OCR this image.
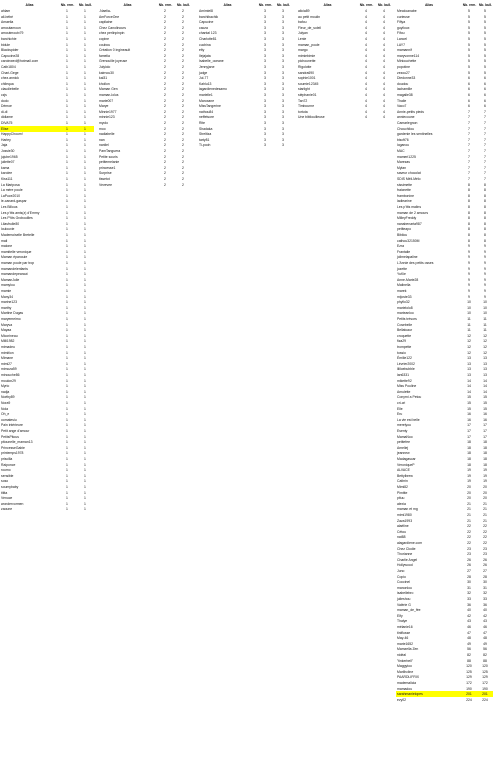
Alias	Nb. rem.	Nb. bull.
ahlam	1	1
ali-bébé	1	1
Amaelia	1	1
amoutamoun	1	1
amoutmoutx79	1	1
barchichie	1	1
bidule	1	1
Blackspider	1	1
Capucine28	1	1
caroinwed@hotmail.com	1	1
Cath1804	1	1
Chari-Gege	1	1
chez.annick	1	1
chilequa	1	1
claudiebelle	1	1
czjs	1	1
dodo	1	1
Démoe	1	1
di-di	1	1
didiame	1	1
DIVA75	1	1
Elise	1	1
HappyChoum!	1	1
Harley	1	1
Jaja	1	1
Jossie30	1	1
jujube1965	1	1
juliette07	1	1
kama	1	1
karolee	1	1
Kiss111	1	1
La Mariposa	1	1
La mère poule	1	1
LaPuce2010	1	1
le-canard-gaspar	1	1
Les Billous	1	1
Les p'tits amis(z) d'Emmy	1	1
Les P'tits Grobouilles	1	1
Lilasfrulle80	1	1
loulouxie	1	1
Mademoiselle Bretelle	1	1
mali	1	1
malone	1	1
mamitelle veronique	1	1
Maman épanouie	1	1
maman poule par trop	1	1
mamandelenfants	1	1
mamandepearaut	1	1
MamanJulie	1	1
mamylou	1	1
mamie	1	1
Many34	1	1
marine123	1	1
marthy	1	1
Martine Dugas	1	1
maryemeimo	1	1
Maryva	1	1
Mayaa	1	1
Micorineau	1	1
Milli1982	1	1
mimadeu	1	1
mimition	1	1
Mimane	1	1
mimi27	1	1
mimoza59	1	1
minouche86	1	1
moulon29	1	1
Myrio	1	1
nadja	1	1
Noéby89	1	1
Nora9	1	1
Nola	1	1
Oh_e	1	1
oomatesiu	1	1
Pain intérieure	1	1
Petit ange d'amour	1	1
PetitsPitous	1	1
pitounelle_maman13	1	1
PrincesseGabie	1	1
printemps1978	1	1
priscilla	1	1
Raiponce	1	1
roumo	1	1
sensible	1	1
soso	1	1
soumybaby	1	1
titita	1	1
Venuce	1	1
wondervormen	1	1
zaoune	1	1
Alias	Nb. rem.	Nb. bull.
-Naelia-	2	2
AmForceOne	2	2
capilaine	2	2
Chez Canolinours	2	2
chez perlinpinpin	2	2
copine	2	2
coubou	2	2
Création 0 ingineault	2	2
famelia	2	2
Grenouille joyeuse	2	2
Julylolo	2	2
kairnou30	2	2
kal31	2	2
khollon	2	2
Maman Gen	2	2
maman-lolus	2	2
marie007	2	2
Marye	2	2
Minnie1977	2	2
minnie123	2	2
myolo	2	2
moo	2	2
nadiabelle	2	2
nan	2	2
nanliel	2	2
PamTanguera	2	2
Petite souris	2	2
petitemelanie	2	2
princesse1	2	2
Surprise	2	2
tissetot	2	2
Vevevee	2	2
Alias	Nb. rem.	Nb. bull.
Amimiel8	3	3
barchibachik	3	3
Capucine	3	3
cacza	3	3
chantal 123	3	3
Charlotte81	3	3
cuchina	3	3
elty	3	3
Ilejajata	3	3
Isabelle_oceane	3	3
Jennyjane	3	3
judge	3	3
Jul-77	3	3
Kahlu13	3	3
lagardienedesamo	3	3
marielle1	3	3
Maroxane	3	3
MissTangerine	3	3
nathou84	3	3
neffetsore	3	3
Rite	3	3
Shadaka	3	3
Streltiza	3	3
tarty81	3	3
Ti-pooh	3	3
Alias	Nb. rem.	Nb. bull.
alicia89	4	4
au petit moulin	4	4
bafou	4	4
Fleur_de_soleil	4	4
Julyan	4	4
Lenie	4	4
maman_poule	4	4
margo	4	4
mimiebimie	4	4
pichounette	4	4
Rigolotte	4	4
sandra690	4	4
sophie1001	4	4
soumie12345	4	4
starlight	4	4
stéphanie01	4	4
Tan72	4	4
Timbourne	4	4
tortuta	4	4
Une bibliouilleuse	4	4
Alias	Nb. rem. Nb. bull.
Mecdoanabe	5	5
curieuse	5	5
Fifiya	5	5
guyiloux	5	5
Fifou	5	5
Lancel	5	5
LAY7	5	5
mamannif	5	5
maryvonne114	5	5
Miniouchette	5	5
popotine	5	5
zezou27	5	5
Diedonne33	6	6
doudou	6	6
lachamille	6	6
magalie38	6	6
Thalie	6	6
Vaco7	6	6
Annie-petits pieds	7	7
anniecoune	7	7
Camarlegnon	7	7
Chouchilou	7	7
gardenie les sentinelles	7	7
biscft76	7	7
loganou	7	7
MAC	7	7
mameri1225	7	7
Marezas	7	7
Mylan	7	7
saveur chocolat	7	7
SDIS Mèli-Mélo	7	7
sissimette	8	8
fraicnette	8	8
frambonine	8	8
ladiearine	8	8
Les p'tits malins	8	8
maman de 2 amours	8	8
MilleyFreddy	8	8
nanabenarta987	8	8
petiteapo	8	8
Bibilou	8	8
cathou32150M	8	8
Ezra	9	9
Frantalie	9	9
jolimelapaline	9	9
L'Annie des petits osses	9	9
jozette	9	9
YuKie	9	9
Anne-Marie28	9	9
Malinella	9	9
marek	9	9
mijoste33	9	9
phyllo32	10	10
marielolo8	10	10
marieanloo	10	10
Petits trésors	11	11
Cosebelle	11	11
Bellatcaur	11	11
croquette	12	12
fiza29	12	12
trompette	12	12
tossio	12	12
Émilie122	13	13
Lévrier2002	13	13
lililoebubble	13	13
lan6331	13	13
mikette92	14	14
Miss Pouline	14	14
Amulette	14	14
Conyrni a Petou	15	15
cri-cri	15	15
Elle	15	15
Eru	16	16
La vie est belle	16	16
merelyou	17	17
Esenty	17	17
MamaNoo	17	17
petitefee	18	18
Ameliej	18	18
jeannew	18	18
Madagascar	18	18
VeroniqueP	18	18
ALVACE	19	19
Bettylbrew	19	19
Cathrin	19	19
Mimi82	20	20
Pimitte	20	20
pituu	20	20
alexia	21	21
maman et mg	21	21
mimi1980	21	21
Zaza1993	21	21
alaéline	22	22
Cétou	22	22
nat88	22	22
alagardiene.com	22	22
Chez Clodie	23	23
Thorianne	23	23
Charlie Angel	26	26
Hollywood	26	26
Juno	27	27
Copio	28	28
Coccinel	30	30
manonlou	31	31
isabellebro	32	32
julieshou	33	33
Valérie G	36	36
maman_de_fée	40	40
Elfy	42	42
Thalye	43	43
mélanie16	46	46
tiniflusse	47	47
May-46	48	48
marie1652	49	49
Mamzella Zen	56	56
nidéal	82	82
"tinkerbell"	88	88
Maggytoo	120	120
Marilhcline	125	125
PAARDLIFRIX	129	129
mademalicia	172	172
mamadou	190	190
sarahmanielopes	201	201
evy02	224	224
